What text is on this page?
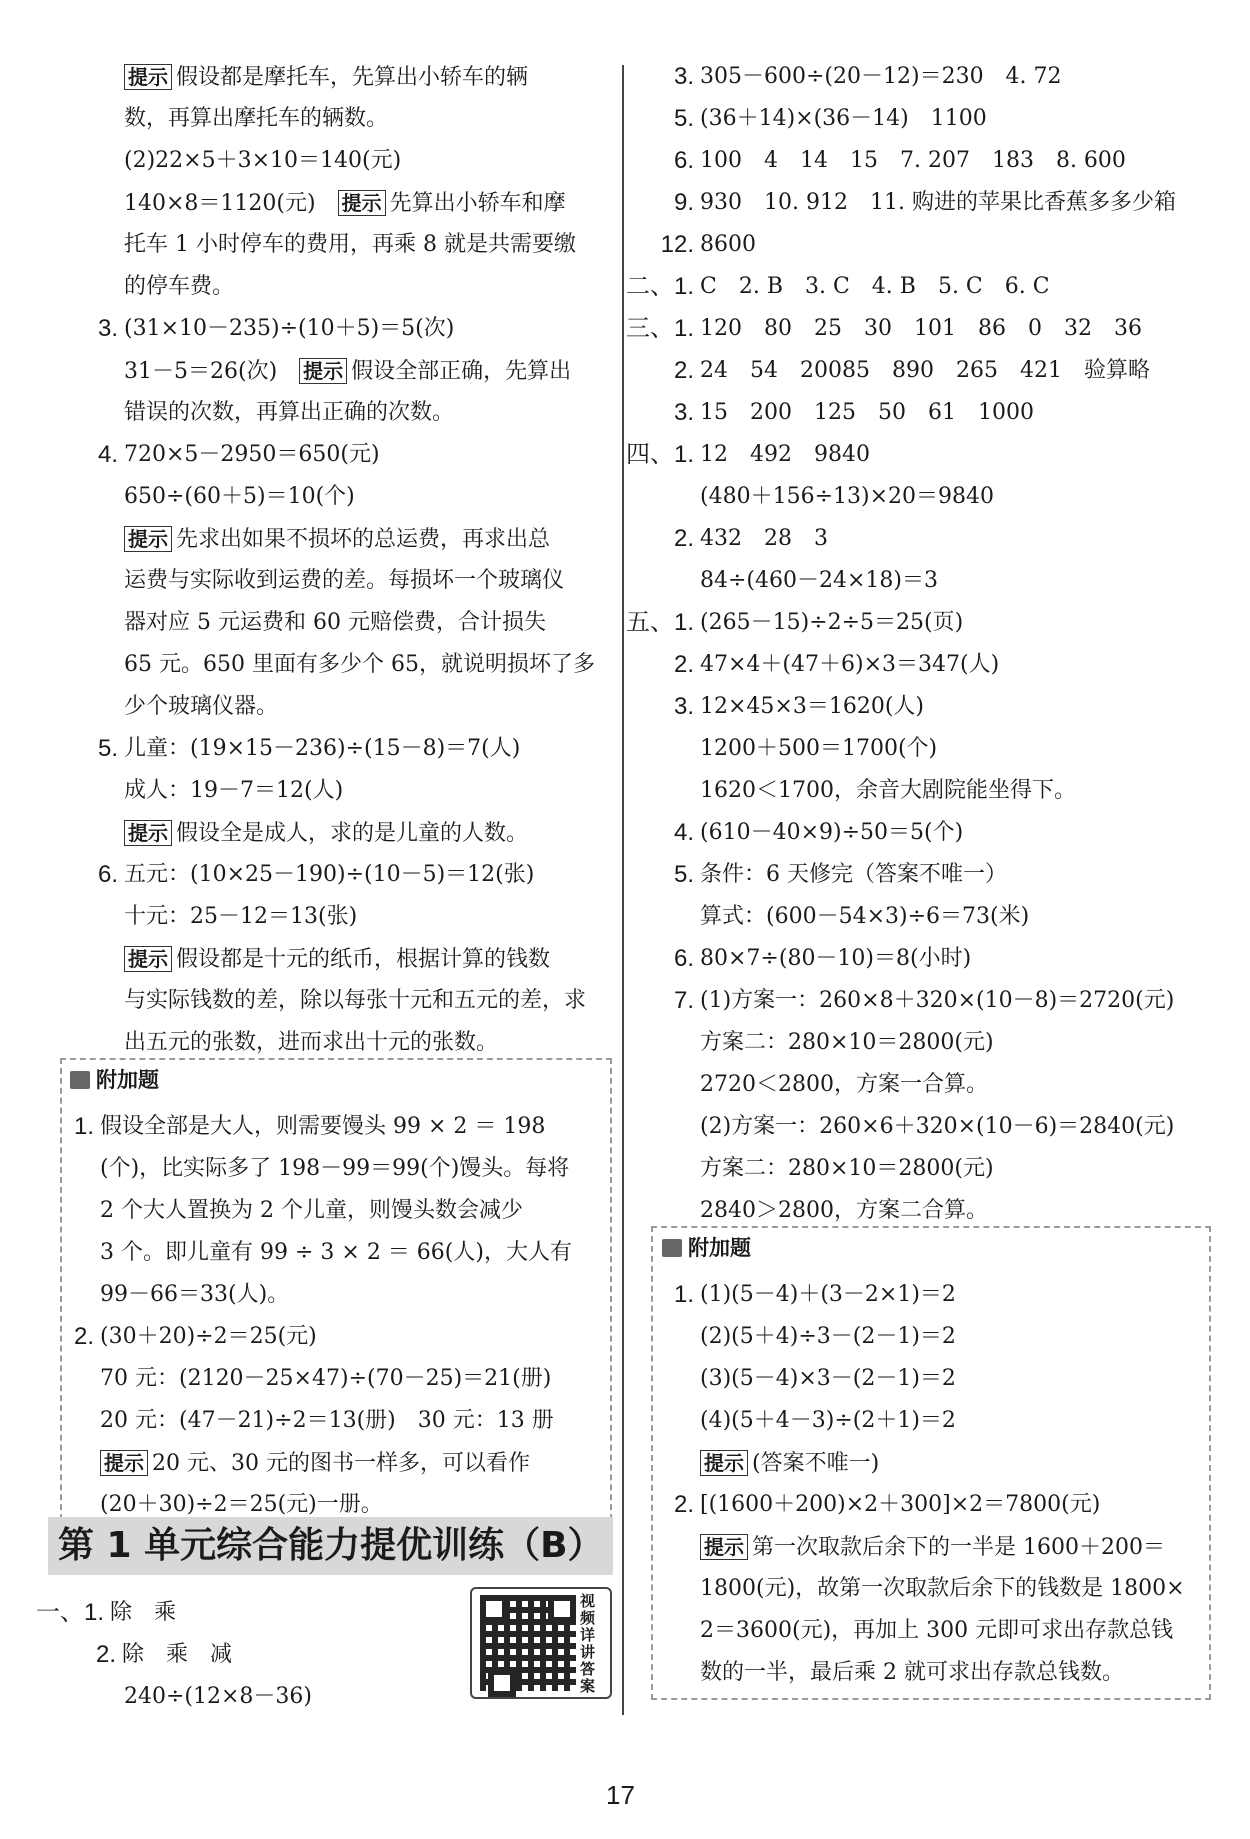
附加题
附加题
第 1 单元综合能力提优训练（B）
视频详讲答案
17
提示 假设都是摩托车，先算出小轿车的辆
数，再算出摩托车的辆数。
(2)22×5＋3×10＝140(元)
140×8＝1120(元)　 提示 先算出小轿车和摩
托车 1 小时停车的费用，再乘 8 就是共需要缴
的停车费。
3. (31×10－235)÷(10＋5)＝5(次)
31－5＝26(次)　 提示 假设全部正确，先算出
错误的次数，再算出正确的次数。
4. 720×5－2950＝650(元)
650÷(60＋5)＝10(个)
提示 先求出如果不损坏的总运费，再求出总
运费与实际收到运费的差。每损坏一个玻璃仪
器对应 5 元运费和 60 元赔偿费，合计损失
65 元。650 里面有多少个 65，就说明损坏了多
少个玻璃仪器。
5. 儿童：(19×15－236)÷(15－8)＝7(人)
成人：19－7＝12(人)
提示 假设全是成人，求的是儿童的人数。
6. 五元：(10×25－190)÷(10－5)＝12(张)
十元：25－12＝13(张)
提示 假设都是十元的纸币，根据计算的钱数
与实际钱数的差，除以每张十元和五元的差，求
出五元的张数，进而求出十元的张数。
1. 假设全部是大人，则需要馒头 99 × 2 ＝ 198
(个)，比实际多了 198－99＝99(个)馒头。每将
2 个大人置换为 2 个儿童，则馒头数会减少
3 个。即儿童有 99 ÷ 3 × 2 ＝ 66(人)，大人有
99－66＝33(人)。
2. (30＋20)÷2＝25(元)
70 元：(2120－25×47)÷(70－25)＝21(册)
20 元：(47－21)÷2＝13(册)　30 元：13 册
提示 20 元、30 元的图书一样多，可以看作
(20＋30)÷2＝25(元)一册。
一、1. 除　乘
2. 除　乘　减
240÷(12×8－36)
3. 305－600÷(20－12)＝230　4. 72
5. (36＋14)×(36－14)　1100
6. 100　4　14　15　7. 207　183　8. 600
9. 930　10. 912　11. 购进的苹果比香蕉多多少箱
12. 8600
二、1. C　2. B　3. C　4. B　5. C　6. C
三、1. 120　80　25　30　101　86　0　32　36
2. 24　54　20085　890　265　421　验算略
3. 15　200　125　50　61　1000
四、1. 12　492　9840
(480＋156÷13)×20＝9840
2. 432　28　3
84÷(460－24×18)＝3
五、1. (265－15)÷2÷5＝25(页)
2. 47×4＋(47＋6)×3＝347(人)
3. 12×45×3＝1620(人)
1200＋500＝1700(个)
1620＜1700，余音大剧院能坐得下。
4. (610－40×9)÷50＝5(个)
5. 条件：6 天修完（答案不唯一）
算式：(600－54×3)÷6＝73(米)
6. 80×7÷(80－10)＝8(小时)
7. (1)方案一：260×8＋320×(10－8)＝2720(元)
方案二：280×10＝2800(元)
2720＜2800，方案一合算。
(2)方案一：260×6＋320×(10－6)＝2840(元)
方案二：280×10＝2800(元)
2840＞2800，方案二合算。
1. (1)(5－4)＋(3－2×1)＝2
(2)(5＋4)÷3－(2－1)＝2
(3)(5－4)×3－(2－1)＝2
(4)(5＋4－3)÷(2＋1)＝2
提示 (答案不唯一)
2. [(1600＋200)×2＋300]×2＝7800(元)
提示 第一次取款后余下的一半是 1600＋200＝
1800(元)，故第一次取款后余下的钱数是 1800×
2＝3600(元)，再加上 300 元即可求出存款总钱
数的一半，最后乘 2 就可求出存款总钱数。
